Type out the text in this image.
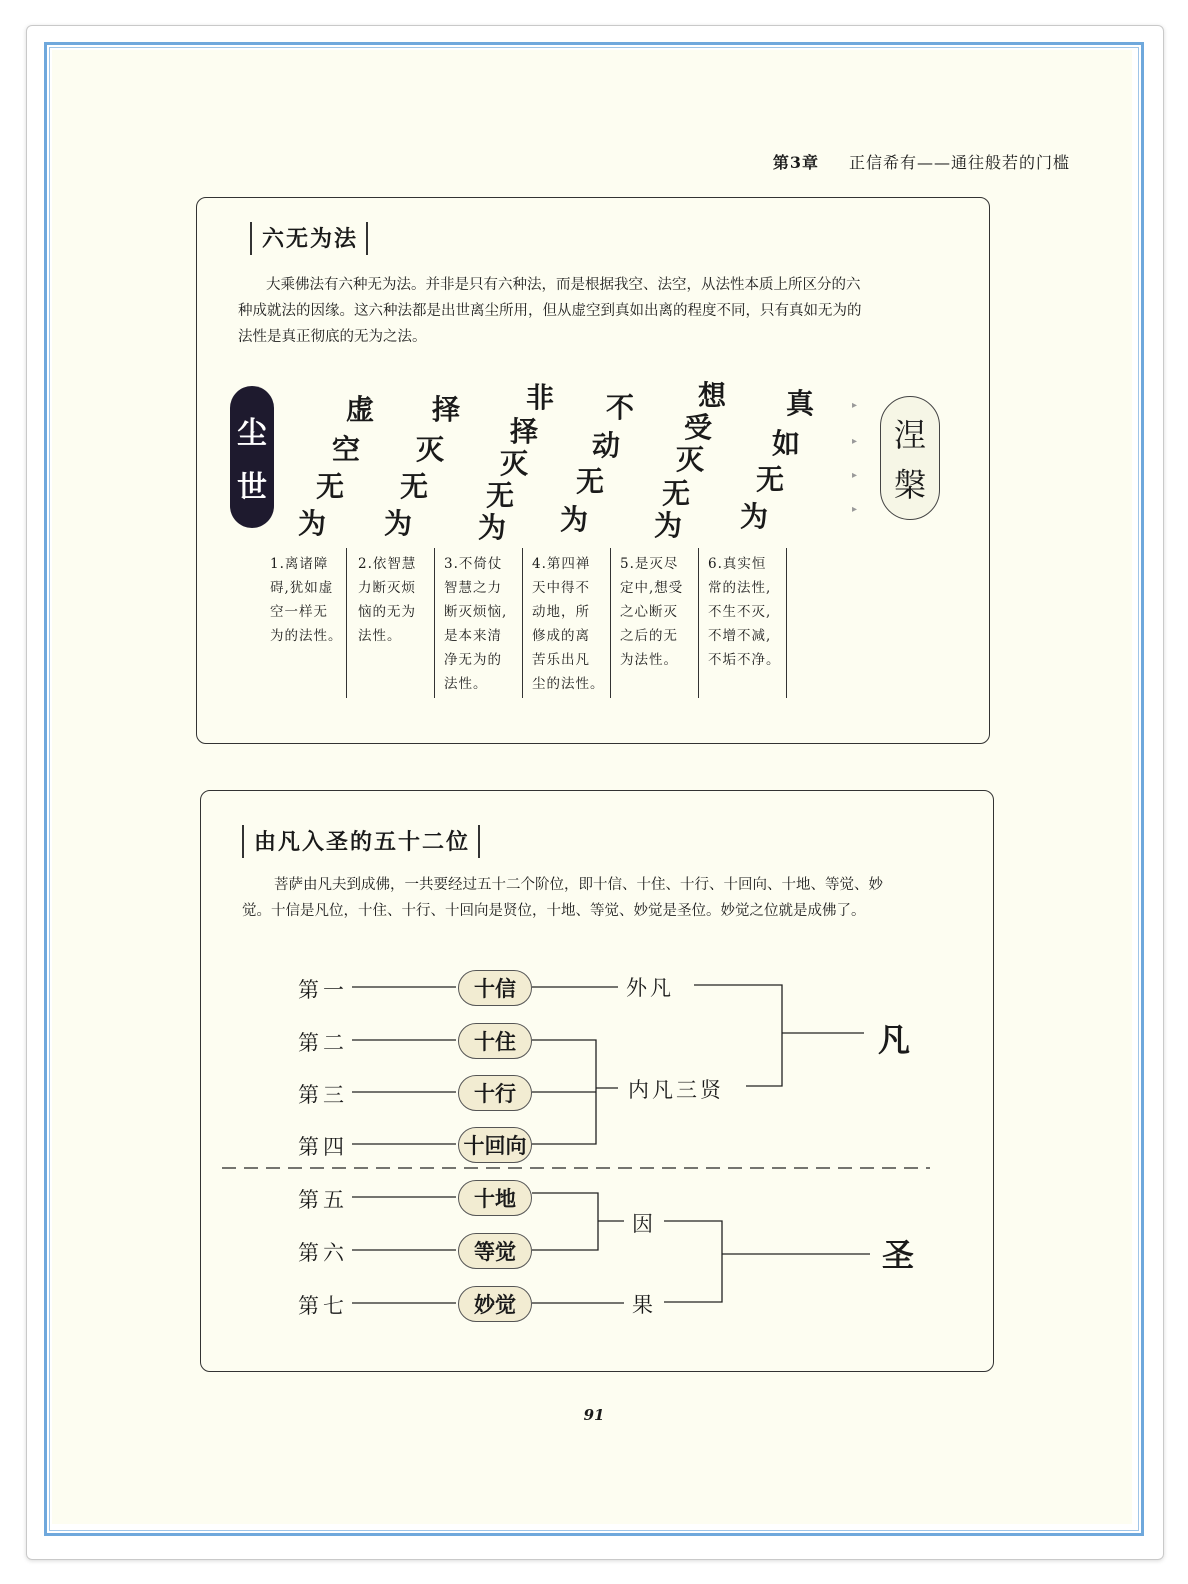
第3章 正信希有——通往般若的门槛
六无为法
大乘佛法有六种无为法。并非是只有六种法，而是根据我空、法空，从法性本质上所区分的六
种成就法的因缘。这六种法都是出世离尘所用，但从虚空到真如出离的程度不同，只有真如无为的
法性是真正彻底的无为之法。
尘
世
虚
空
无
为
择
灭
无
为
非
择
灭
无
为
不
动
无
为
想
受
灭
无
为
真
如
无
为
▸
▸
▸
▸
涅
槃
1.离诸障
碍,犹如虚
空一样无
为的法性。
2.依智慧
力断灭烦
恼的无为
法性。
3.不倚仗
智慧之力
断灭烦恼,
是本来清
净无为的
法性。
4.第四禅
天中得不
动地，所
修成的离
苦乐出凡
尘的法性。
5.是灭尽
定中,想受
之心断灭
之后的无
为法性。
6.真实恒
常的法性,
不生不灭,
不增不减,
不垢不净。
由凡入圣的五十二位
菩萨由凡夫到成佛，一共要经过五十二个阶位，即十信、十住、十行、十回向、十地、等觉、妙
觉。十信是凡位，十住、十行、十回向是贤位，十地、等觉、妙觉是圣位。妙觉之位就是成佛了。
第一
第二
第三
第四
第五
第六
第七
十信
十住
十行
十回向
十地
等觉
妙觉
外凡
内凡三贤
因
果
凡
圣
91
